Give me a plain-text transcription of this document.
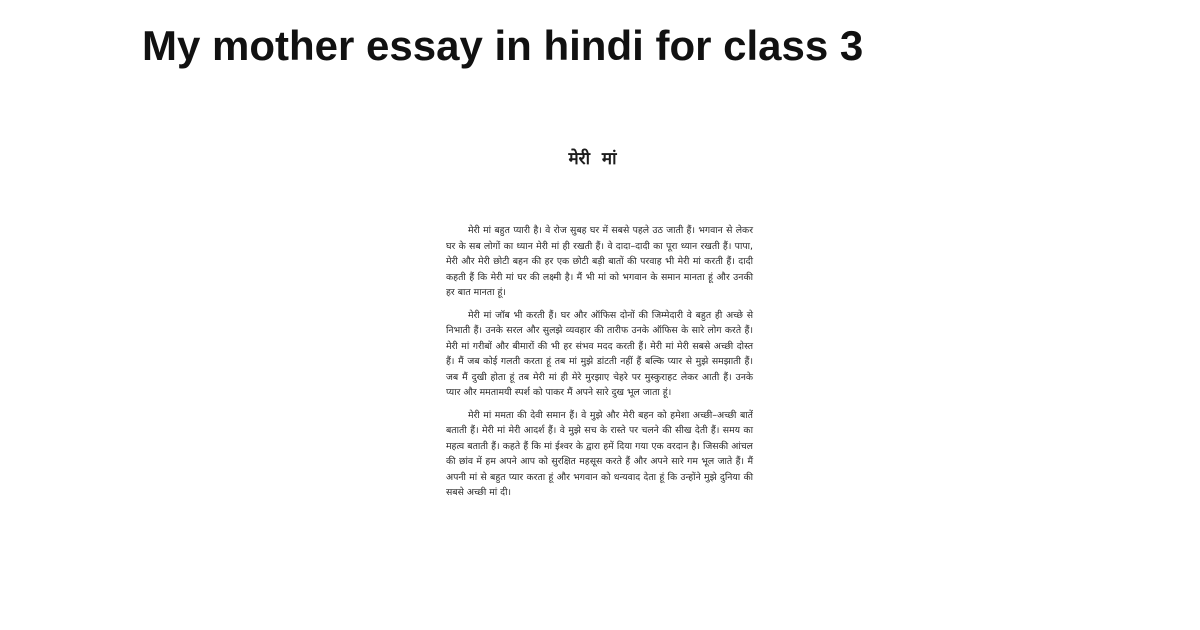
My mother essay in hindi for class 3
मेरी मां

मेरी मां बहुत प्यारी है। वे रोज सुबह घर में सबसे पहले उठ जाती हैं। भगवान से लेकर घर के सब लोगों का ध्यान मेरी मां ही रखती हैं। वे दादा–दादी का पूरा ध्यान रखती हैं। पापा, मेरी और मेरी छोटी बहन की हर एक छोटी बड़ी बातों की परवाह भी मेरी मां करती हैं। दादी कहती हैं कि मेरी मां घर की लक्ष्मी है। मैं भी मां को भगवान के समान मानता हूं और उनकी हर बात मानता हूं।

मेरी मां जॉब भी करती हैं। घर और ऑफिस दोनों की जिम्मेदारी वे बहुत ही अच्छे से निभाती हैं। उनके सरल और सुलझे व्यवहार की तारीफ उनके ऑफिस के सारे लोग करते हैं। मेरी मां गरीबों और बीमारों की भी हर संभव मदद करती हैं। मेरी मां मेरी सबसे अच्छी दोस्त हैं। मैं जब कोई गलती करता हूं तब मां मुझे डांटती नहीं हैं बल्कि प्यार से मुझे समझाती हैं। जब मैं दुखी होता हूं तब मेरी मां ही मेरे मुरझाए चेहरे पर मुस्कुराहट लेकर आती हैं। उनके प्यार और ममतामयी स्पर्श को पाकर मैं अपने सारे दुख भूल जाता हूं।

मेरी मां ममता की देवी समान हैं। वे मुझे और मेरी बहन को हमेशा अच्छी–अच्छी बातें बताती हैं। मेरी मां मेरी आदर्श हैं। वे मुझे सच के रास्ते पर चलने की सीख देती हैं। समय का महत्व बताती हैं। कहते हैं कि मां ईश्वर के द्वारा हमें दिया गया एक वरदान है। जिसकी आंचल की छांव में हम अपने आप को सुरक्षित महसूस करते हैं और अपने सारे गम भूल जाते हैं। मैं अपनी मां से बहुत प्यार करता हूं और भगवान को धन्यवाद देता हूं कि उन्होंने मुझे दुनिया की सबसे अच्छी मां दी।
